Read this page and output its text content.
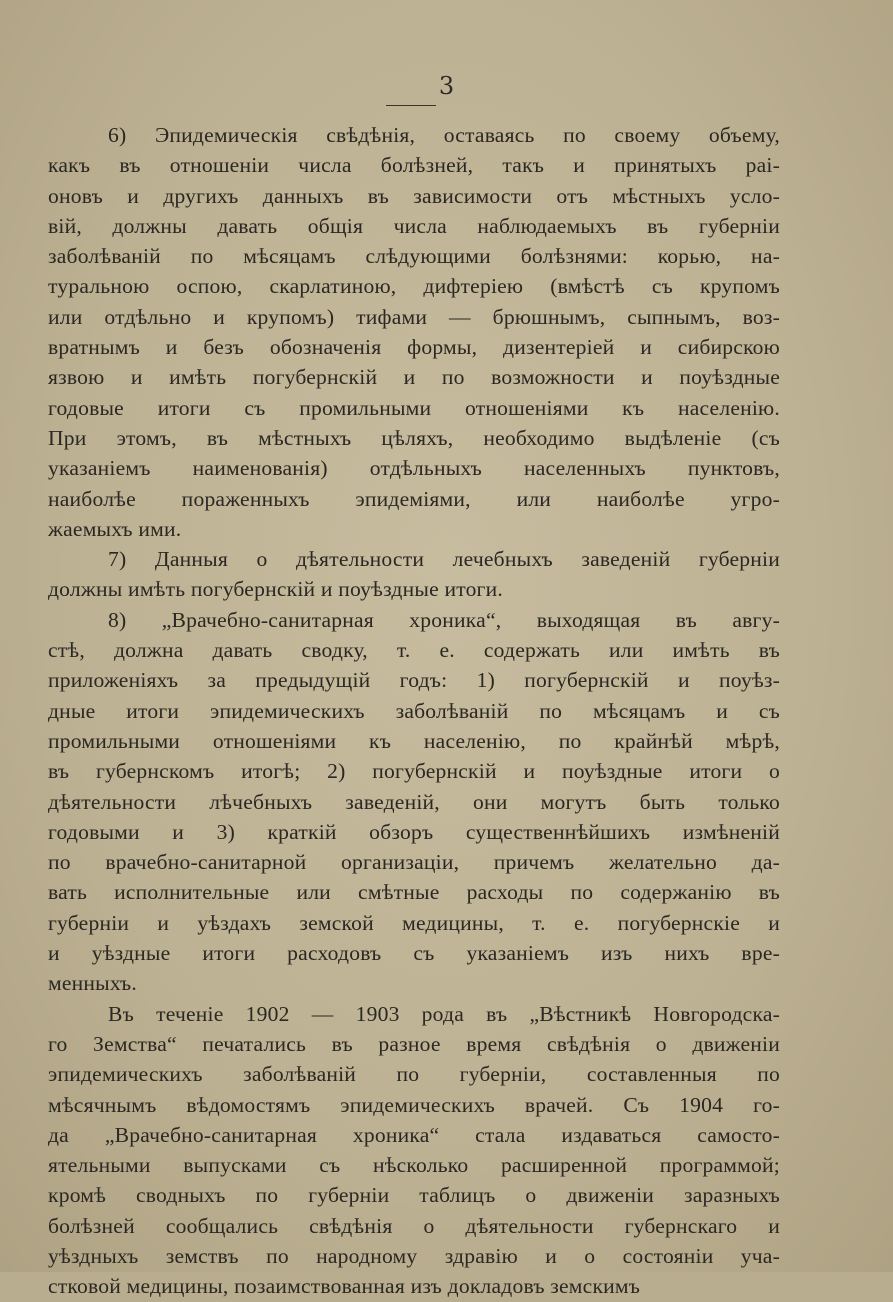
3
6) Эпидемическія свѣдѣнія, оставаясь по своему объему,
какъ въ отношеніи числа болѣзней, такъ и принятыхъ раі-
оновъ и другихъ данныхъ въ зависимости отъ мѣстныхъ усло-
вій, должны давать общія числа наблюдаемыхъ въ губерніи
заболѣваній по мѣсяцамъ слѣдующими болѣзнями: корью, на-
туральною оспою, скарлатиною, дифтеріею (вмѣстѣ съ крупомъ
или отдѣльно и крупомъ) тифами — брюшнымъ, сыпнымъ, воз-
вратнымъ и безъ обозначенія формы, дизентеріей и сибирскою
язвою и имѣть погубернскій и по возможности и поуѣздные
годовые итоги съ промильными отношеніями къ населенію.
При этомъ, въ мѣстныхъ цѣляхъ, необходимо выдѣленіе (съ
указаніемъ наименованія) отдѣльныхъ населенныхъ пунктовъ,
наиболѣе пораженныхъ эпидеміями, или наиболѣе угро-
жаемыхъ ими.
7) Данныя о дѣятельности лечебныхъ заведеній губерніи
должны имѣть погубернскій и поуѣздные итоги.
8) „Врачебно-санитарная хроника“, выходящая въ авгу-
стѣ, должна давать сводку, т. е. содержать или имѣть въ
приложеніяхъ за предыдущій годъ: 1) погубернскій и поуѣз-
дные итоги эпидемическихъ заболѣваній по мѣсяцамъ и съ
промильными отношеніями къ населенію, по крайнѣй мѣрѣ,
въ губернскомъ итогѣ; 2) погубернскій и поуѣздные итоги о
дѣятельности лѣчебныхъ заведеній, они могутъ быть только
годовыми и 3) краткій обзоръ существеннѣйшихъ измѣненій
по врачебно-санитарной организаціи, причемъ желательно да-
вать исполнительные или смѣтные расходы по содержанію въ
губерніи и уѣздахъ земской медицины, т. е. погубернскіе и
и уѣздные итоги расходовъ съ указаніемъ изъ нихъ вре-
менныхъ.
Въ теченіе 1902 — 1903 рода въ „Вѣстникѣ Новгородска-
го Земства“ печатались въ разное время свѣдѣнія о движеніи
эпидемическихъ заболѣваній по губерніи, составленныя по
мѣсячнымъ вѣдомостямъ эпидемическихъ врачей. Съ 1904 го-
да „Врачебно-санитарная хроника“ стала издаваться самосто-
ятельными выпусками съ нѣсколько расширенной программой;
кромѣ сводныхъ по губерніи таблицъ о движеніи заразныхъ
болѣзней сообщались свѣдѣнія о дѣятельности губернскаго и
уѣздныхъ земствъ по народному здравію и о состояніи уча-
стковой медицины, позаимствованная изъ докладовъ земскимъ
